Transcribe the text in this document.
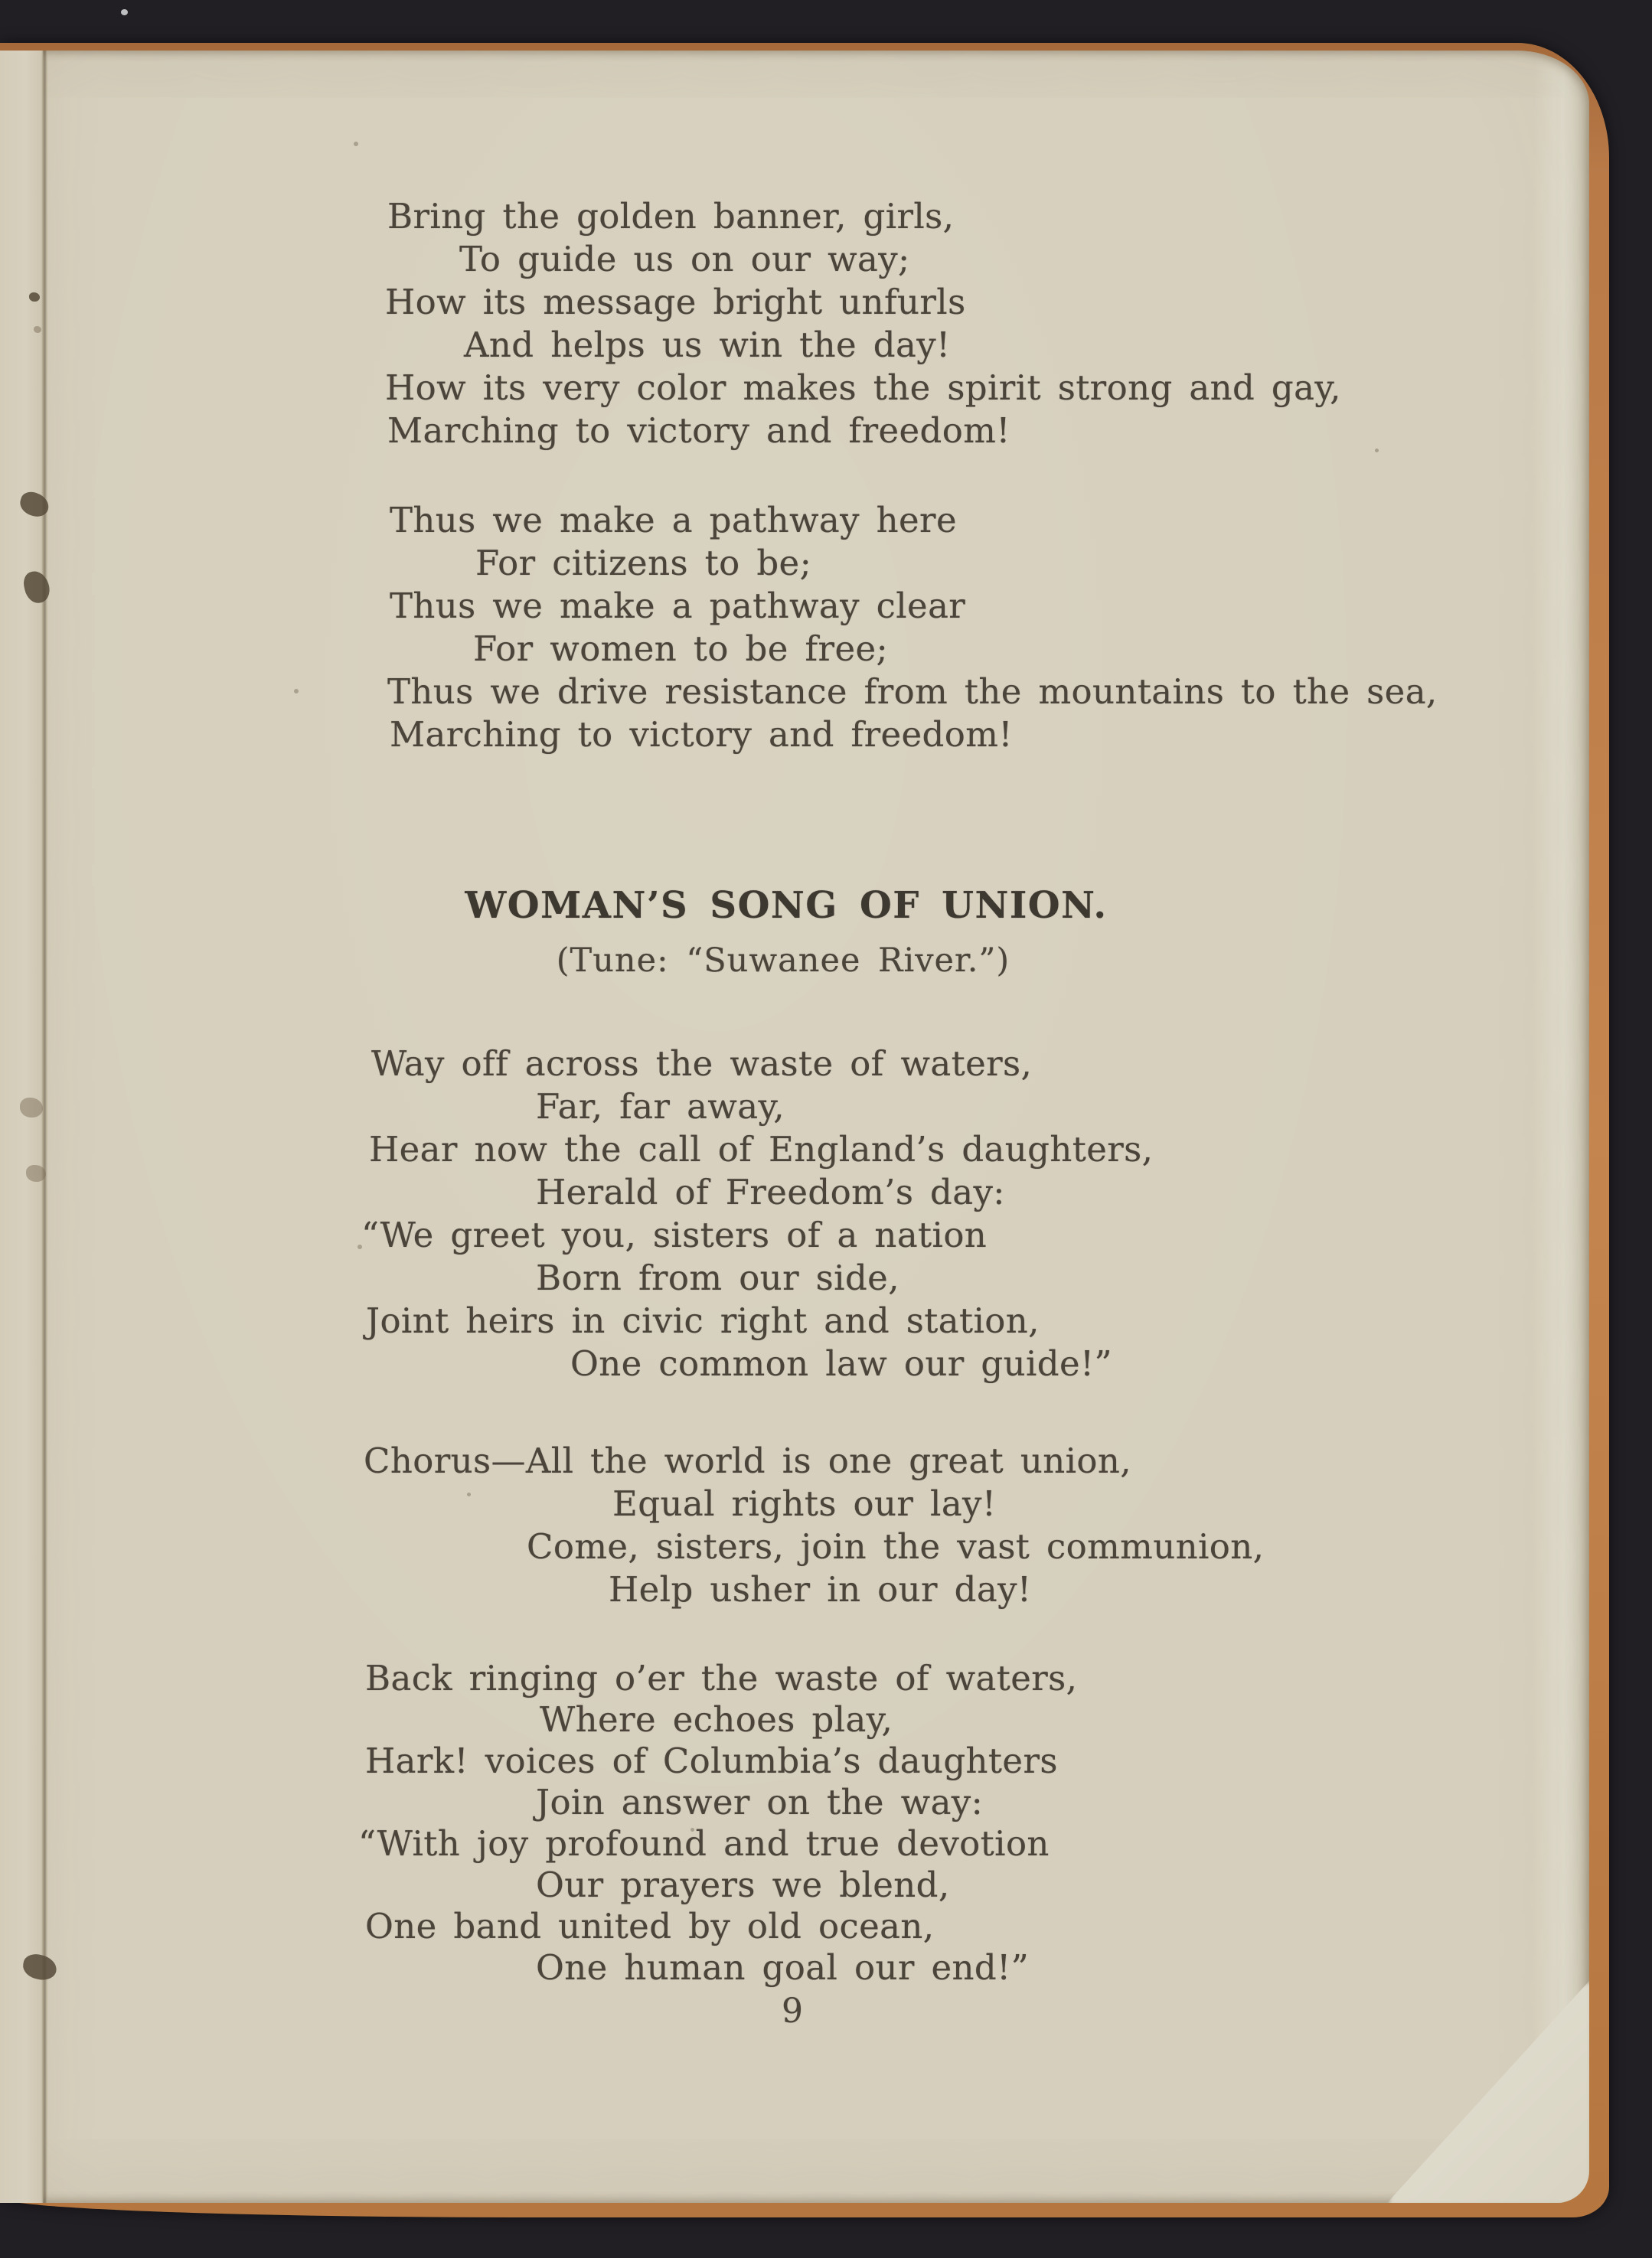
Bring the golden banner, girls,
To guide us on our way;
How its message bright unfurls
And helps us win the day!
How its very color makes the spirit strong and gay,
Marching to victory and freedom!
Thus we make a pathway here
For citizens to be;
Thus we make a pathway clear
For women to be free;
Thus we drive resistance from the mountains to the sea,
Marching to victory and freedom!
Way off across the waste of waters,
Far, far away,
Hear now the call of England’s daughters,
Herald of Freedom’s day:
“We greet you, sisters of a nation
Born from our side,
Joint heirs in civic right and station,
One common law our guide!”
Chorus—All the world is one great union,
Equal rights our lay!
Come, sisters, join the vast communion,
Help usher in our day!
Back ringing o’er the waste of waters,
Where echoes play,
Hark! voices of Columbia’s daughters
Join answer on the way:
“With joy profound and true devotion
Our prayers we blend,
One band united by old ocean,
One human goal our end!”
WOMAN’S SONG OF UNION.
(Tune: “Suwanee River.”)
9
